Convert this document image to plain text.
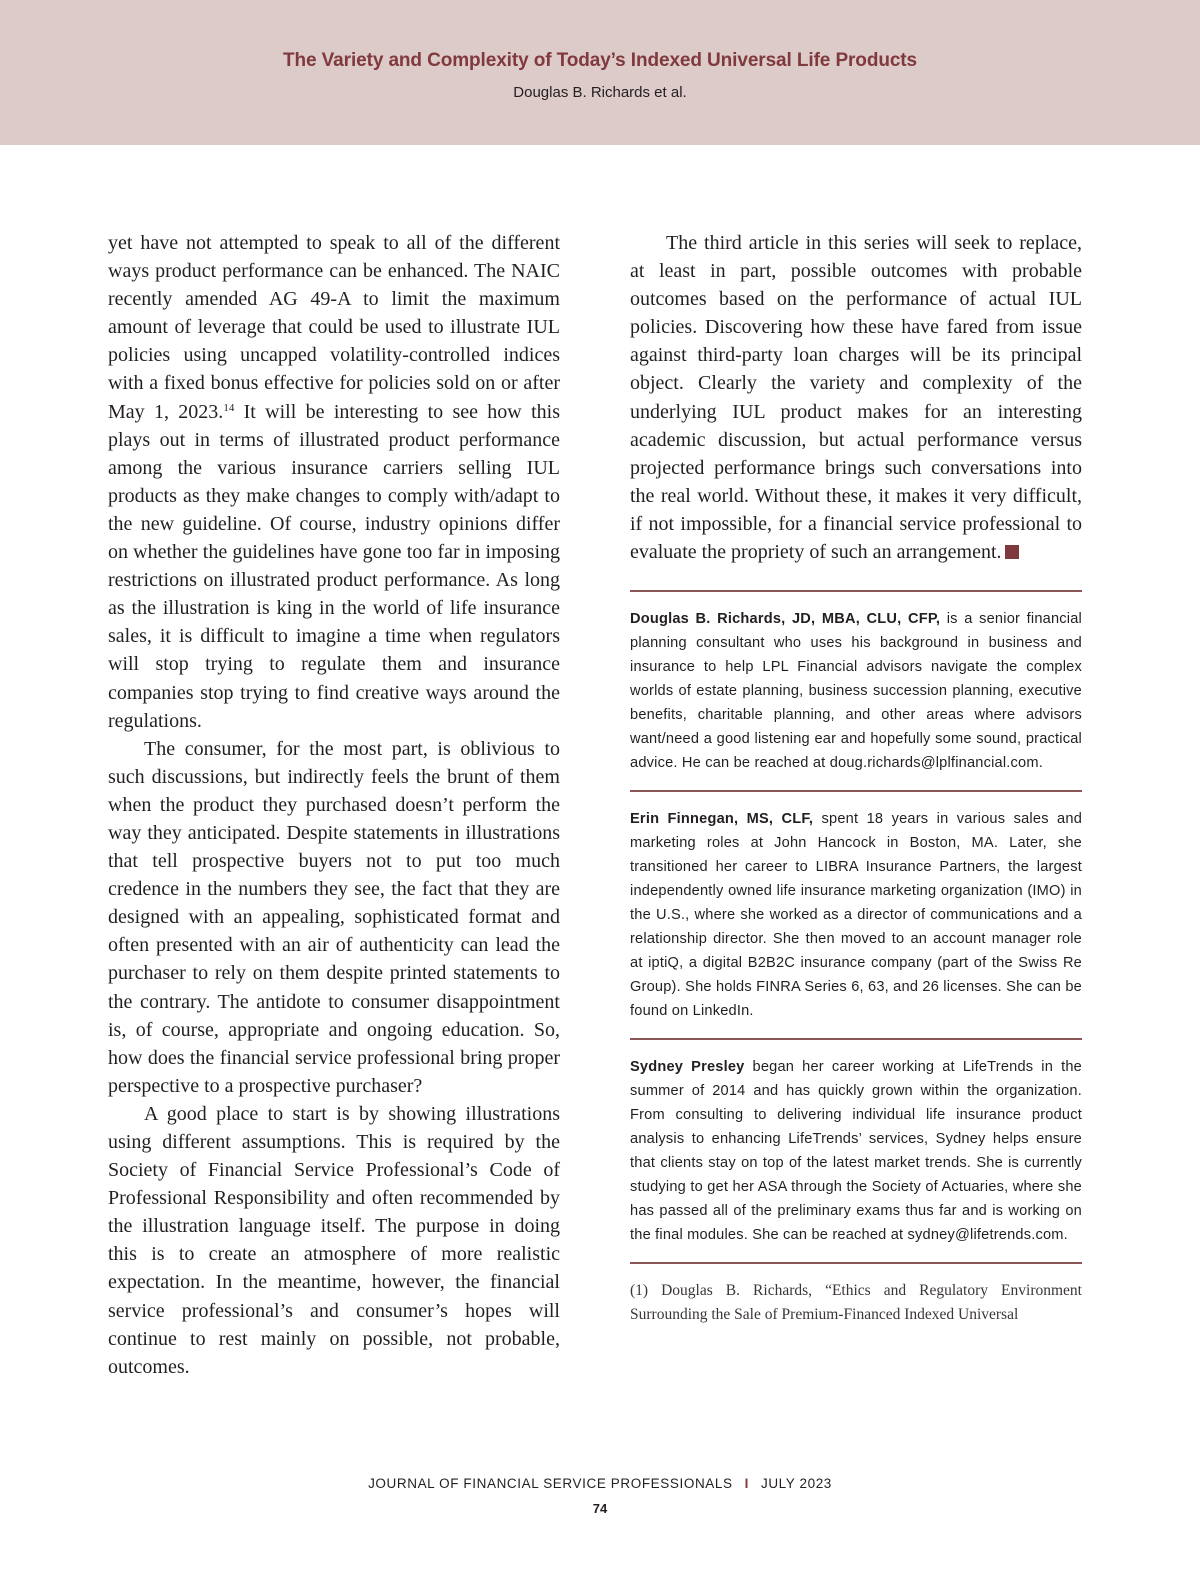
The Variety and Complexity of Today’s Indexed Universal Life Products
Douglas B. Richards et al.

yet have not attempted to speak to all of the different ways product performance can be enhanced. The NAIC recently amended AG 49-A to limit the maximum amount of leverage that could be used to illustrate IUL policies using uncapped volatility-controlled indices with a fixed bonus effective for policies sold on or after May 1, 2023.14 It will be interesting to see how this plays out in terms of illustrated product performance among the various insurance carriers selling IUL products as they make changes to comply with/adapt to the new guideline. Of course, industry opinions differ on whether the guidelines have gone too far in imposing restrictions on illustrated product performance. As long as the illustration is king in the world of life insurance sales, it is difficult to imagine a time when regulators will stop trying to regulate them and insurance companies stop trying to find creative ways around the regulations.

The consumer, for the most part, is oblivious to such discussions, but indirectly feels the brunt of them when the product they purchased doesn’t perform the way they anticipated. Despite statements in illustrations that tell prospective buyers not to put too much credence in the numbers they see, the fact that they are designed with an appealing, sophisticated format and often presented with an air of authenticity can lead the purchaser to rely on them despite printed statements to the contrary. The antidote to consumer disappointment is, of course, appropriate and ongoing education. So, how does the financial service professional bring proper perspective to a prospective purchaser?

A good place to start is by showing illustrations using different assumptions. This is required by the Society of Financial Service Professional’s Code of Professional Responsibility and often recommended by the illustration language itself. The purpose in doing this is to create an atmosphere of more realistic expectation. In the meantime, however, the financial service professional’s and consumer’s hopes will continue to rest mainly on possible, not probable, outcomes.

The third article in this series will seek to replace, at least in part, possible outcomes with probable outcomes based on the performance of actual IUL policies. Discovering how these have fared from issue against third-party loan charges will be its principal object. Clearly the variety and complexity of the underlying IUL product makes for an interesting academic discussion, but actual performance versus projected performance brings such conversations into the real world. Without these, it makes it very difficult, if not impossible, for a financial service professional to evaluate the propriety of such an arrangement.

Douglas B. Richards, JD, MBA, CLU, CFP, is a senior financial planning consultant who uses his background in business and insurance to help LPL Financial advisors navigate the complex worlds of estate planning, business succession planning, executive benefits, charitable planning, and other areas where advisors want/need a good listening ear and hopefully some sound, practical advice. He can be reached at doug.richards@lplfinancial.com.

Erin Finnegan, MS, CLF, spent 18 years in various sales and marketing roles at John Hancock in Boston, MA. Later, she transitioned her career to LIBRA Insurance Partners, the largest independently owned life insurance marketing organization (IMO) in the U.S., where she worked as a director of communications and a relationship director. She then moved to an account manager role at iptiQ, a digital B2B2C insurance company (part of the Swiss Re Group). She holds FINRA Series 6, 63, and 26 licenses. She can be found on LinkedIn.

Sydney Presley began her career working at LifeTrends in the summer of 2014 and has quickly grown within the organization. From consulting to delivering individual life insurance product analysis to enhancing LifeTrends’ services, Sydney helps ensure that clients stay on top of the latest market trends. She is currently studying to get her ASA through the Society of Actuaries, where she has passed all of the preliminary exams thus far and is working on the final modules. She can be reached at sydney@lifetrends.com.

(1) Douglas B. Richards, “Ethics and Regulatory Environment Surrounding the Sale of Premium-Financed Indexed Universal

JOURNAL OF FINANCIAL SERVICE PROFESSIONALS I JULY 2023
74
